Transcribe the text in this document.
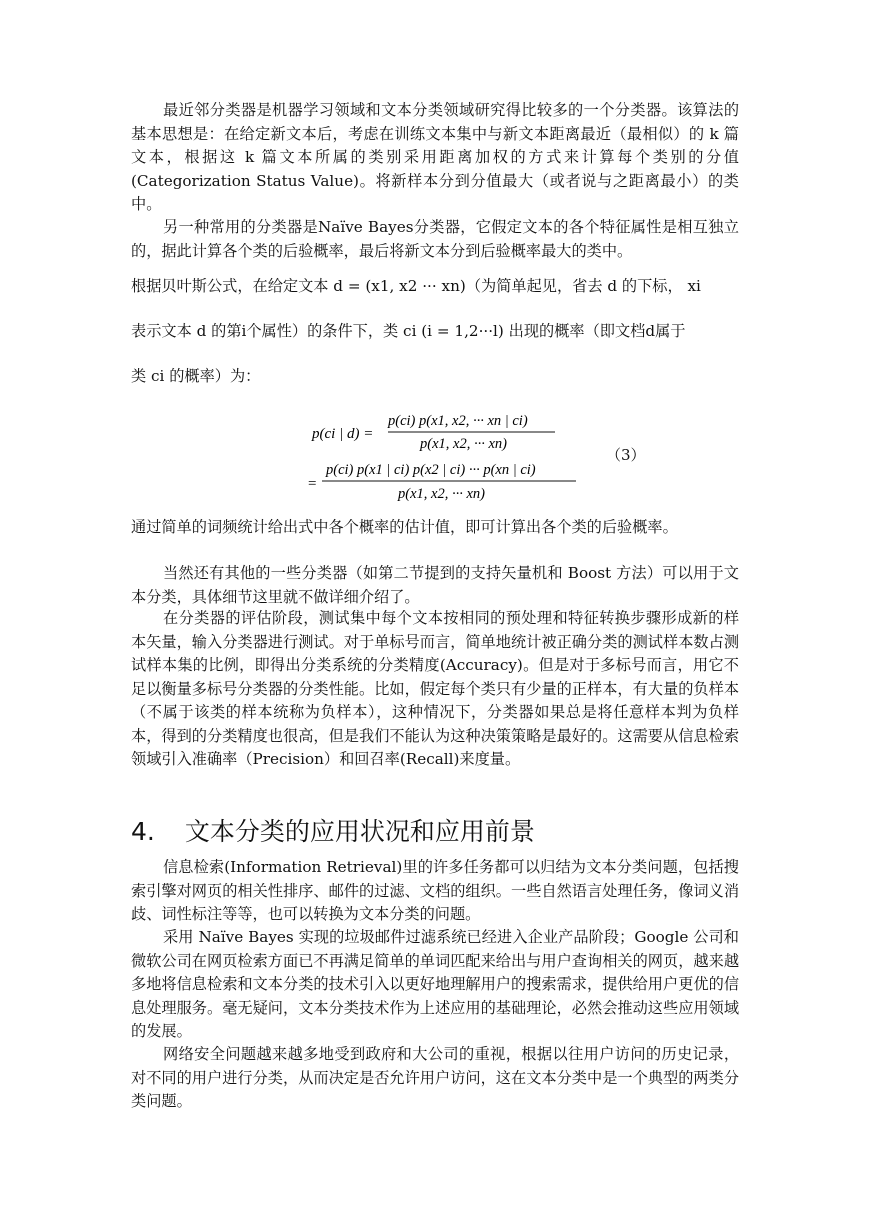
最近邻分类器是机器学习领域和文本分类领域研究得比较多的一个分类器。该算法的基本思想是：在给定新文本后，考虑在训练文本集中与新文本距离最近（最相似）的 k 篇文本，根据这 k 篇文本所属的类别采用距离加权的方式来计算每个类别的分值(Categorization Status Value)。将新样本分到分值最大（或者说与之距离最小）的类中。

另一种常用的分类器是Naïve Bayes分类器，它假定文本的各个特征属性是相互独立的，据此计算各个类的后验概率，最后将新文本分到后验概率最大的类中。

根据贝叶斯公式，在给定文本 d = (x1, x2 ··· xn)（为简单起见，省去 d 的下标， xi

表示文本 d 的第i个属性）的条件下，类 ci (i = 1,2···l) 出现的概率（即文档d属于

类 ci 的概率）为：

p(ci | d) =
p(ci) p(x1, x2, ··· xn | ci)
p(x1, x2, ··· xn)
=
p(ci) p(x1 | ci) p(x2 | ci) ··· p(xn | ci)
p(x1, x2, ··· xn)
（3）

通过简单的词频统计给出式中各个概率的估计值，即可计算出各个类的后验概率。

当然还有其他的一些分类器（如第二节提到的支持矢量机和 Boost 方法）可以用于文本分类，具体细节这里就不做详细介绍了。

在分类器的评估阶段，测试集中每个文本按相同的预处理和特征转换步骤形成新的样本矢量，输入分类器进行测试。对于单标号而言，简单地统计被正确分类的测试样本数占测试样本集的比例，即得出分类系统的分类精度(Accuracy)。但是对于多标号而言，用它不足以衡量多标号分类器的分类性能。比如，假定每个类只有少量的正样本，有大量的负样本（不属于该类的样本统称为负样本），这种情况下，分类器如果总是将任意样本判为负样本，得到的分类精度也很高，但是我们不能认为这种决策策略是最好的。这需要从信息检索领域引入准确率（Precision）和回召率(Recall)来度量。

4. 文本分类的应用状况和应用前景

信息检索(Information Retrieval)里的许多任务都可以归结为文本分类问题，包括搜索引擎对网页的相关性排序、邮件的过滤、文档的组织。一些自然语言处理任务，像词义消歧、词性标注等等，也可以转换为文本分类的问题。

采用 Naïve Bayes 实现的垃圾邮件过滤系统已经进入企业产品阶段；Google 公司和微软公司在网页检索方面已不再满足简单的单词匹配来给出与用户查询相关的网页，越来越多地将信息检索和文本分类的技术引入以更好地理解用户的搜索需求，提供给用户更优的信息处理服务。毫无疑问，文本分类技术作为上述应用的基础理论，必然会推动这些应用领域的发展。

网络安全问题越来越多地受到政府和大公司的重视，根据以往用户访问的历史记录，对不同的用户进行分类，从而决定是否允许用户访问，这在文本分类中是一个典型的两类分类问题。
